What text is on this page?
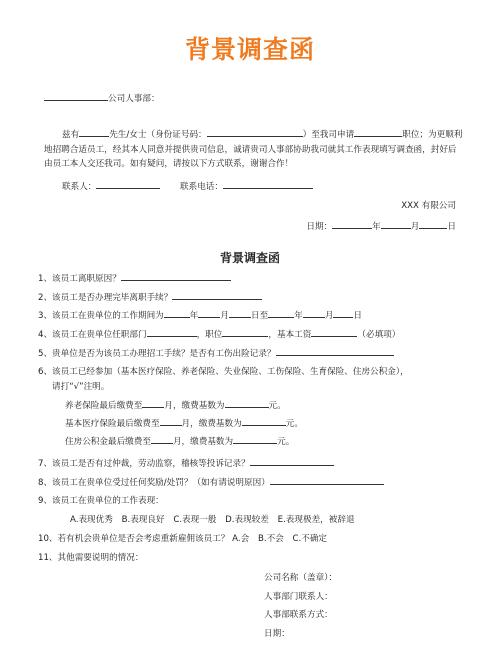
背景调查函
公司人事部：
兹有	先生/女士（身份证号码：	）至我司申请	职位；为更顺利地招聘合适员工，经其本人同意并提供贵司信息，诚请贵司人事部协助我司就其工作表现填写调查函，封好后由员工本人交还我司。如有疑问，请按以下方式联系，谢谢合作！
联系人：	联系电话：
XXX 有限公司
日期：	年	月	日
背景调查函
1、该员工离职原因？
2、该员工是否办理完毕离职手续？
3、该员工在贵单位的工作期间为	年	月	日至	年	月 日
4、该员工在贵单位任职部门	，职位	，基本工资	（必填项）
5、贵单位是否为该员工办理招工手续？是否有工伤出险记录？
6、该员工已经参加（基本医疗保险、养老保险、失业保险、工伤保险、生育保险、住房公积金），
请打“√”注明。
养老保险最后缴费至	月，缴费基数为	元。
基本医疗保险最后缴费至	月，缴费基数为	元。
住房公积金最后缴费至	月，缴费基数为	元。
7、该员工是否有过仲裁，劳动监察，稽核等投诉记录？
8、该员工在贵单位受过任何奖励/处罚？（如有请说明原因）
9、该员工在贵单位的工作表现：
A.表现优秀 B.表现良好 C.表现一般 D.表现较差 E.表现极差，被辞退
10、若有机会贵单位是否会考虑重新雇佣该员工？ A.会 B.不会 C.不确定
11、其他需要说明的情况：
公司名称（盖章）：
人事部门联系人：
人事部联系方式：
日期：
